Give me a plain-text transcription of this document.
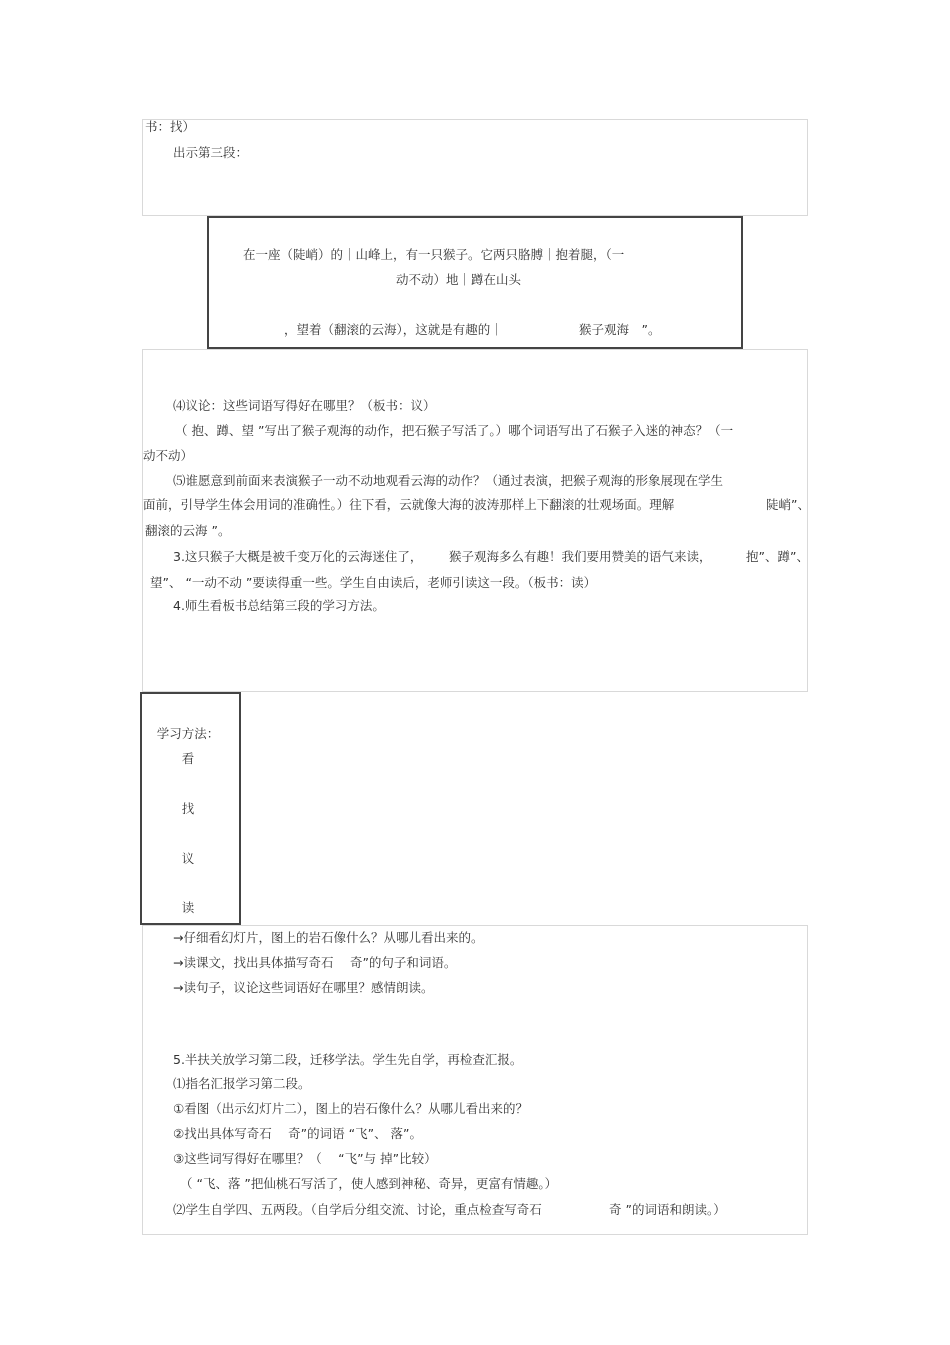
书：找）
出示第三段：
在一座（陡峭）的｜山峰上，有一只猴子。它两只胳膊｜抱着腿，（一
动不动）地｜蹲在山头
，望着（翻滚的云海），这就是有趣的｜	猴子观海　”。
⑷议论：这些词语写得好在哪里？（板书：议）
（ 抱、蹲、望 ”写出了猴子观海的动作，把石猴子写活了。）哪个词语写出了石猴子入迷的神态？（一
动不动）
⑸谁愿意到前面来表演猴子一动不动地观看云海的动作？（通过表演，把猴子观海的形象展现在学生
面前，引导学生体会用词的准确性。）往下看，云就像大海的波涛那样上下翻滚的壮观场面。理解	陡峭”、
翻滚的云海 ”。
3.这只猴子大概是被千变万化的云海迷住了， 猴子观海多么有趣！我们要用赞美的语气来读，	抱”、蹲”、
望”、 “一动不动 ”要读得重一些。学生自由读后，老师引读这一段。（板书：读）
4.师生看板书总结第三段的学习方法。
学习方法：
看
找
议
读
→仔细看幻灯片，图上的岩石像什么？从哪儿看出来的。
→读课文，找出具体描写奇石　 奇”的句子和词语。
→读句子，议论这些词语好在哪里？感情朗读。
5.半扶关放学习第二段，迁移学法。学生先自学，再检查汇报。
⑴指名汇报学习第二段。
①看图（出示幻灯片二），图上的岩石像什么？从哪儿看出来的？
②找出具体写奇石　 奇”的词语 “飞”、 落”。
③这些词写得好在哪里？（　 “飞”与 掉”比较）
（ “飞、落 ”把仙桃石写活了，使人感到神秘、奇异，更富有情趣。）
⑵学生自学四、五两段。（自学后分组交流、讨论，重点检查写奇石	奇 ”的词语和朗读。）
